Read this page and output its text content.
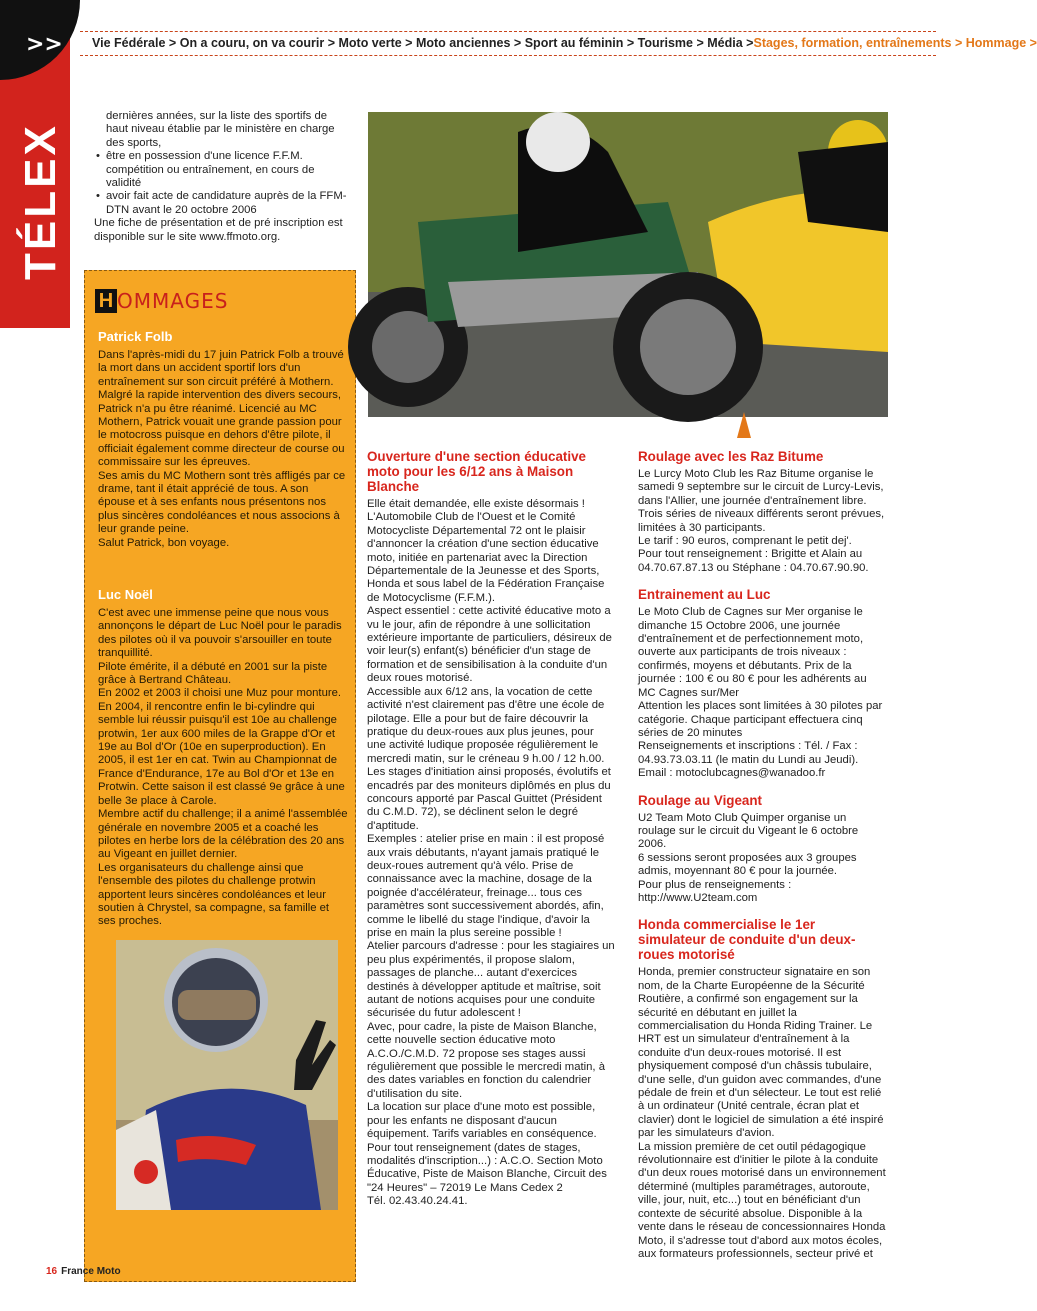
>>
TÉLEX
Vie Fédérale > On a couru, on va courir > Moto verte > Moto anciennes > Sport au féminin > Tourisme > Média >Stages, formation, entraînements > Hommage >

dernières années, sur la liste des sportifs de haut niveau établie par le ministère en charge des sports,

• être en possession d'une licence F.F.M. compétition ou entraînement, en cours de validité
• avoir fait acte de candidature auprès de la FFM-DTN avant le 20 octobre 2006

Une fiche de présentation et de pré inscription est disponible sur le site www.ffmoto.org.

H OMMAGES
Patrick Folb

Dans l'après-midi du 17 juin Patrick Folb a trouvé la mort dans un accident sportif lors d'un entraînement sur son circuit préféré à Mothern. Malgré la rapide intervention des divers secours, Patrick n'a pu être réanimé. Licencié au MC Mothern, Patrick vouait une grande passion pour le motocross puisque en dehors d'être pilote, il officiait également comme directeur de course ou commissaire sur les épreuves.

Ses amis du MC Mothern sont très affligés par ce drame, tant il était apprécié de tous. A son épouse et à ses enfants nous présentons nos plus sincères condoléances et nous associons à leur grande peine.

Salut Patrick, bon voyage.

Luc Noël

C'est avec une immense peine que nous vous annonçons le départ de Luc Noël pour le paradis des pilotes où il va pouvoir s'arsouiller en toute tranquillité.

Pilote émérite, il a débuté en 2001 sur la piste grâce à Bertrand Château.

En 2002 et 2003 il choisi une Muz pour monture. En 2004, il rencontre enfin le bi-cylindre qui semble lui réussir puisqu'il est 10e au challenge protwin, 1er aux 600 miles de la Grappe d'Or et 19e au Bol d'Or (10e en superproduction). En 2005, il est 1er en cat. Twin au Championnat de France d'Endurance, 17e au Bol d'Or et 13e en Protwin. Cette saison il est classé 9e grâce à une belle 3e place à Carole.

Membre actif du challenge; il a animé l'assemblée générale en novembre 2005 et a coaché les pilotes en herbe lors de la célébration des 20 ans au Vigeant en juillet dernier.

Les organisateurs du challenge ainsi que l'ensemble des pilotes du challenge protwin apportent leurs sincères condoléances et leur soutien à Chrystel, sa compagne, sa famille et ses proches.

Ouverture d'une section éducative moto pour les 6/12 ans à Maison Blanche

Elle était demandée, elle existe désormais ! L'Automobile Club de l'Ouest et le Comité Motocycliste Départemental 72 ont le plaisir d'annoncer la création d'une section éducative moto, initiée en partenariat avec la Direction Départementale de la Jeunesse et des Sports, Honda et sous label de la Fédération Française de Motocyclisme (F.F.M.).

Aspect essentiel : cette activité éducative moto a vu le jour, afin de répondre à une sollicitation extérieure importante de particuliers, désireux de voir leur(s) enfant(s) bénéficier d'un stage de formation et de sensibilisation à la conduite d'un deux roues motorisé.

Accessible aux 6/12 ans, la vocation de cette activité n'est clairement pas d'être une école de pilotage. Elle a pour but de faire découvrir la pratique du deux-roues aux plus jeunes, pour une activité ludique proposée régulièrement le mercredi matin, sur le créneau 9 h.00 / 12 h.00.

Les stages d'initiation ainsi proposés, évolutifs et encadrés par des moniteurs diplômés en plus du concours apporté par Pascal Guittet (Président du C.M.D. 72), se déclinent selon le degré d'aptitude.

Exemples : atelier prise en main : il est proposé aux vrais débutants, n'ayant jamais pratiqué le deux-roues autrement qu'à vélo. Prise de connaissance avec la machine, dosage de la poignée d'accélérateur, freinage... tous ces paramètres sont successivement abordés, afin, comme le libellé du stage l'indique, d'avoir la prise en main la plus sereine possible !

Atelier parcours d'adresse : pour les stagiaires un peu plus expérimentés, il propose slalom, passages de planche... autant d'exercices destinés à développer aptitude et maîtrise, soit autant de notions acquises pour une conduite sécurisée du futur adolescent !

Avec, pour cadre, la piste de Maison Blanche, cette nouvelle section éducative moto A.C.O./C.M.D. 72 propose ses stages aussi régulièrement que possible le mercredi matin, à des dates variables en fonction du calendrier d'utilisation du site.

La location sur place d'une moto est possible, pour les enfants ne disposant d'aucun équipement. Tarifs variables en conséquence.

Pour tout renseignement (dates de stages, modalités d'inscription...) : A.C.O. Section Moto Éducative, Piste de Maison Blanche, Circuit des "24 Heures" – 72019 Le Mans Cedex 2

Tél. 02.43.40.24.41.

Roulage avec les Raz Bitume

Le Lurcy Moto Club les Raz Bitume organise le samedi 9 septembre sur le circuit de Lurcy-Levis, dans l'Allier, une journée d'entraînement libre. Trois séries de niveaux différents seront prévues, limitées à 30 participants.

Le tarif : 90 euros, comprenant le petit dej'.

Pour tout renseignement : Brigitte et Alain au 04.70.67.87.13 ou Stéphane : 04.70.67.90.90.

Entrainement au Luc

Le Moto Club de Cagnes sur Mer organise le dimanche 15 Octobre 2006, une journée d'entraînement et de perfectionnement moto, ouverte aux participants de trois niveaux : confirmés, moyens et débutants. Prix de la journée : 100 € ou 80 € pour les adhérents au MC Cagnes sur/Mer

Attention les places sont limitées à 30 pilotes par catégorie. Chaque participant effectuera cinq séries de 20 minutes

Renseignements et inscriptions : Tél. / Fax : 04.93.73.03.11 (le matin du Lundi au Jeudi).

Email : motoclubcagnes@wanadoo.fr

Roulage au Vigeant

U2 Team Moto Club Quimper organise un roulage sur le circuit du Vigeant le 6 octobre 2006.

6 sessions seront proposées aux 3 groupes admis, moyennant 80 € pour la journée.

Pour plus de renseignements : http://www.U2team.com

Honda commercialise le 1er simulateur de conduite d'un deux-roues motorisé

Honda, premier constructeur signataire en son nom, de la Charte Européenne de la Sécurité Routière, a confirmé son engagement sur la sécurité en débutant en juillet la commercialisation du Honda Riding Trainer. Le HRT est un simulateur d'entraînement à la conduite d'un deux-roues motorisé. Il est physiquement composé d'un châssis tubulaire, d'une selle, d'un guidon avec commandes, d'une pédale de frein et d'un sélecteur. Le tout est relié à un ordinateur (Unité centrale, écran plat et clavier) dont le logiciel de simulation a été inspiré par les simulateurs d'avion.

La mission première de cet outil pédagogique révolutionnaire est d'initier le pilote à la conduite d'un deux roues motorisé dans un environnement déterminé (multiples paramétrages, autoroute, ville, jour, nuit, etc...) tout en bénéficiant d'un contexte de sécurité absolue. Disponible à la vente dans le réseau de concessionnaires Honda Moto, il s'adresse tout d'abord aux motos écoles, aux formateurs professionnels, secteur privé et

16 France Moto
